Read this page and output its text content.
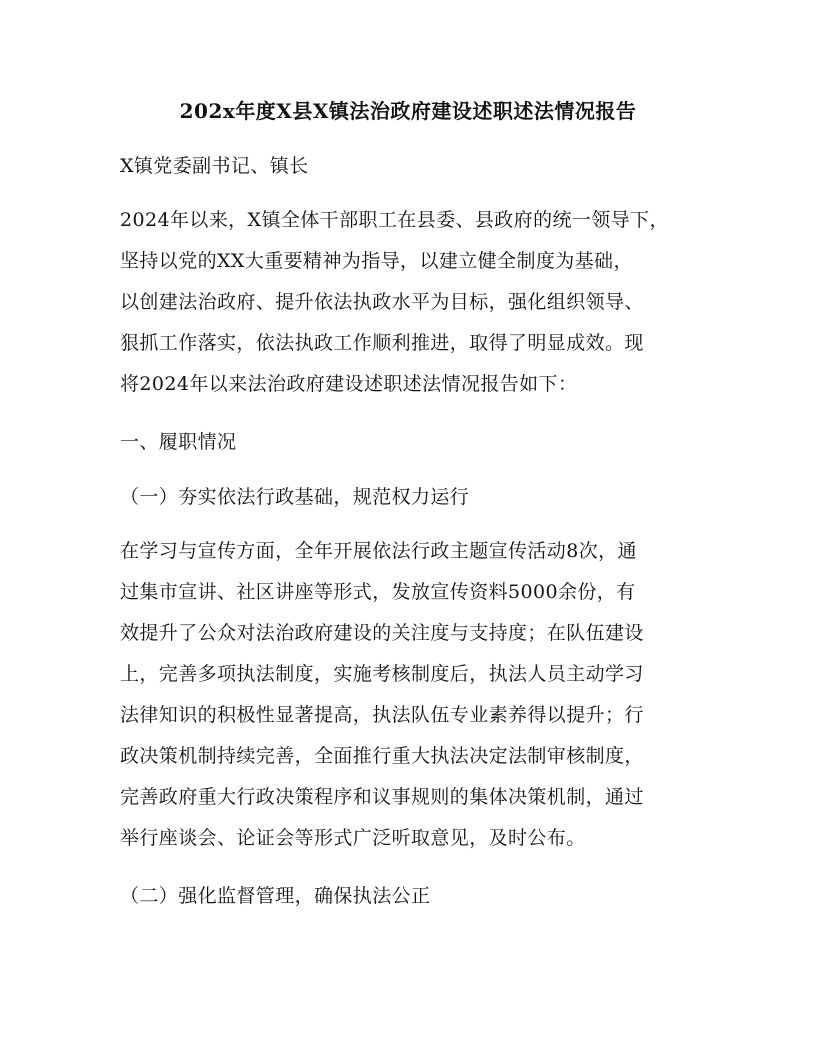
202x年度X县X镇法治政府建设述职述法情况报告
X镇党委副书记、镇长
2024年以来，X镇全体干部职工在县委、县政府的统一领导下，
坚持以党的XX大重要精神为指导，以建立健全制度为基础，
以创建法治政府、提升依法执政水平为目标，强化组织领导、
狠抓工作落实，依法执政工作顺利推进，取得了明显成效。现
将2024年以来法治政府建设述职述法情况报告如下：
一、履职情况
（一）夯实依法行政基础，规范权力运行
在学习与宣传方面，全年开展依法行政主题宣传活动8次，通
过集市宣讲、社区讲座等形式，发放宣传资料5000余份，有
效提升了公众对法治政府建设的关注度与支持度；在队伍建设
上，完善多项执法制度，实施考核制度后，执法人员主动学习
法律知识的积极性显著提高，执法队伍专业素养得以提升；行
政决策机制持续完善，全面推行重大执法决定法制审核制度，
完善政府重大行政决策程序和议事规则的集体决策机制，通过
举行座谈会、论证会等形式广泛听取意见，及时公布。
（二）强化监督管理，确保执法公正
